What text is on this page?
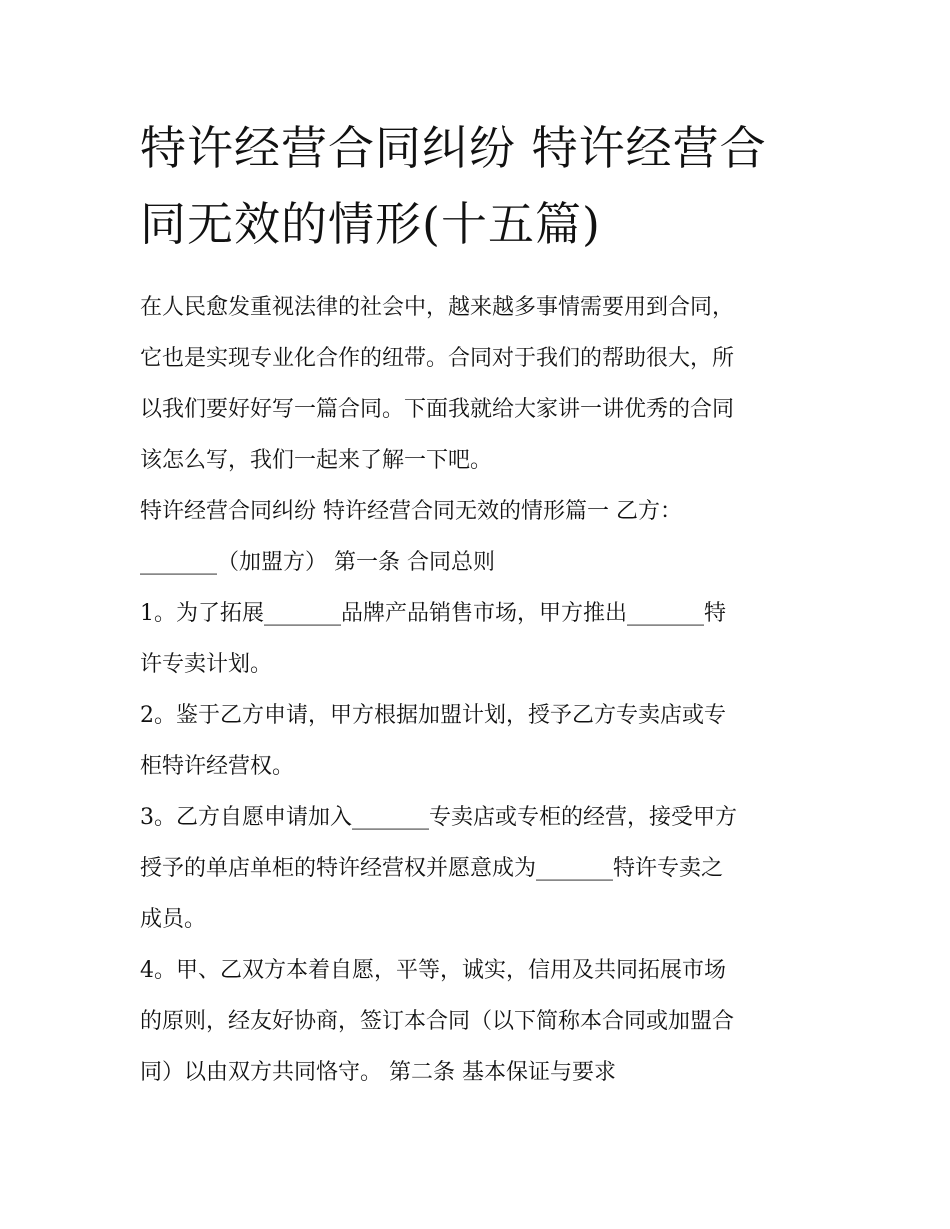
特许经营合同纠纷 特许经营合
同无效的情形(十五篇)

在人民愈发重视法律的社会中，越来越多事情需要用到合同，

它也是实现专业化合作的纽带。合同对于我们的帮助很大，所

以我们要好好写一篇合同。下面我就给大家讲一讲优秀的合同

该怎么写，我们一起来了解一下吧。

特许经营合同纠纷 特许经营合同无效的情形篇一 乙方：

_______（加盟方） 第一条 合同总则

1。为了拓展_______品牌产品销售市场，甲方推出_______特

许专卖计划。

2。鉴于乙方申请，甲方根据加盟计划，授予乙方专卖店或专

柜特许经营权。

3。乙方自愿申请加入_______专卖店或专柜的经营，接受甲方

授予的单店单柜的特许经营权并愿意成为_______特许专卖之

成员。

4。甲、乙双方本着自愿，平等，诚实，信用及共同拓展市场

的原则，经友好协商，签订本合同（以下简称本合同或加盟合

同）以由双方共同恪守。 第二条 基本保证与要求
